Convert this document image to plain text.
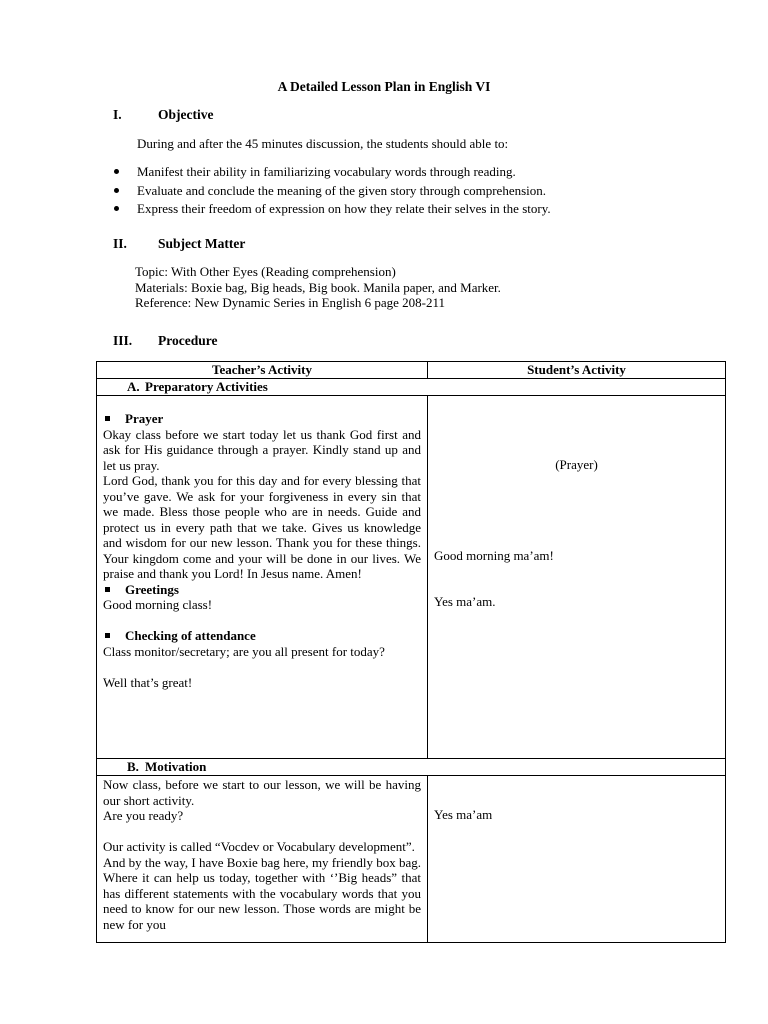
A Detailed Lesson Plan in English VI
I.	Objective
During and after the 45 minutes discussion, the students should able to:
Manifest their ability in familiarizing vocabulary words through reading.
Evaluate and conclude the meaning of the given story through comprehension.
Express their freedom of expression on how they relate their selves in the story.
II. Subject Matter
Topic: With Other Eyes (Reading comprehension)
Materials: Boxie bag, Big heads, Big book. Manila paper, and Marker.
Reference: New Dynamic Series in English 6 page 208-211
III. Procedure
Teacher’s Activity	Student’s Activity
A. Preparatory Activities
Prayer
Okay class before we start today let us thank God first and ask for His guidance through a prayer. Kindly stand up and let us pray.
Lord God, thank you for this day and for every blessing that you’ve gave. We ask for your forgiveness in every sin that we made. Bless those people who are in needs. Guide and protect us in every path that we take. Gives us knowledge and wisdom for our new lesson. Thank you for these things. Your kingdom come and your will be done in our lives. We praise and thank you Lord! In Jesus name. Amen!
Greetings
Good morning class!
Checking of attendance
Class monitor/secretary; are you all present for today?
Well that’s great!
(Prayer)
Good morning ma’am!
Yes ma’am.
B. Motivation
Now class, before we start to our lesson, we will be having our short activity.
Are you ready?
Our activity is called “Vocdev or Vocabulary development”.
And by the way, I have Boxie bag here, my friendly box bag. Where it can help us today, together with ‘’Big heads” that has different statements with the vocabulary words that you need to know for our new lesson. Those words are might be new for you
Yes ma’am
